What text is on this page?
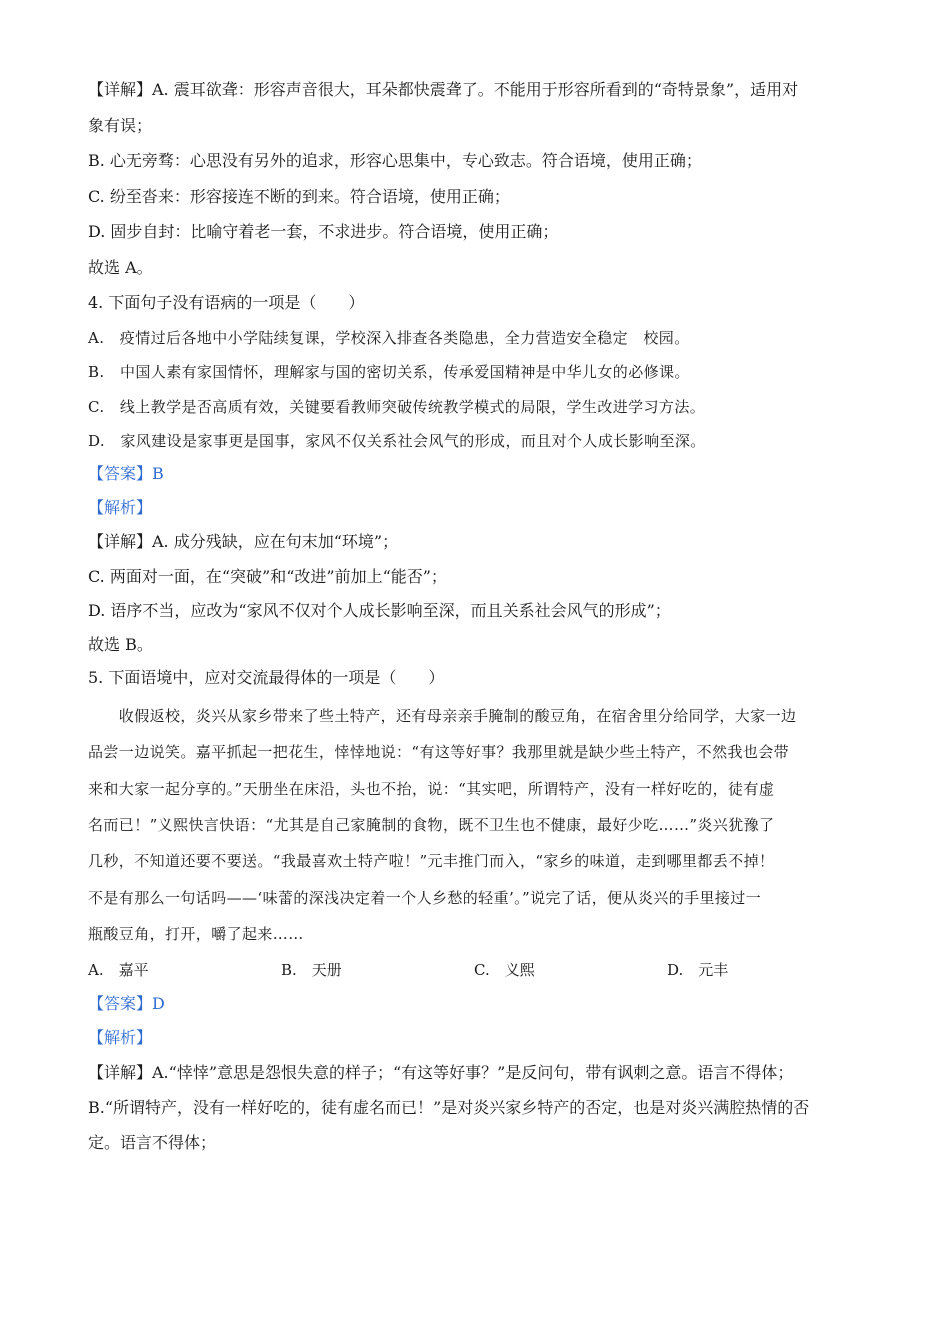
【详解】A. 震耳欲聋：形容声音很大，耳朵都快震聋了。不能用于形容所看到的“奇特景象”，适用对
象有误；
B. 心无旁骛：心思没有另外的追求，形容心思集中，专心致志。符合语境，使用正确；
C. 纷至沓来：形容接连不断的到来。符合语境，使用正确；
D. 固步自封：比喻守着老一套，不求进步。符合语境，使用正确；
故选 A。
4. 下面句子没有语病的一项是（　　）
A.　疫情过后各地中小学陆续复课，学校深入排查各类隐患，全力营造安全稳定　校园。
B.　中国人素有家国情怀，理解家与国的密切关系，传承爱国精神是中华儿女的必修课。
C.　线上教学是否高质有效，关键要看教师突破传统教学模式的局限，学生改进学习方法。
D.　家风建设是家事更是国事，家风不仅关系社会风气的形成，而且对个人成长影响至深。
【答案】B
【解析】
【详解】A. 成分残缺，应在句末加“环境”；
C. 两面对一面，在“突破”和“改进”前加上“能否”；
D. 语序不当，应改为“家风不仅对个人成长影响至深，而且关系社会风气的形成”；
故选 B。
5. 下面语境中，应对交流最得体的一项是（　　）
　　收假返校，炎兴从家乡带来了些土特产，还有母亲亲手腌制的酸豆角，在宿舍里分给同学，大家一边
品尝一边说笑。嘉平抓起一把花生，悻悻地说：“有这等好事？我那里就是缺少些土特产，不然我也会带
来和大家一起分享的。”天册坐在床沿，头也不抬，说：“其实吧，所谓特产，没有一样好吃的，徒有虚
名而已！”义熙快言快语：“尤其是自己家腌制的食物，既不卫生也不健康，最好少吃……”炎兴犹豫了
几秒，不知道还要不要送。“我最喜欢土特产啦！”元丰推门而入，“家乡的味道，走到哪里都丢不掉！
不是有那么一句话吗——‘味蕾的深浅决定着一个人乡愁的轻重’。”说完了话，便从炎兴的手里接过一
瓶酸豆角，打开，嚼了起来……
A.　嘉平	B.　天册	C.　义熙	D.　元丰
【答案】D
【解析】
【详解】A.“悻悻”意思是怨恨失意的样子；“有这等好事？”是反问句，带有讽刺之意。语言不得体；
B.“所谓特产，没有一样好吃的，徒有虚名而已！”是对炎兴家乡特产的否定，也是对炎兴满腔热情的否
定。语言不得体；
